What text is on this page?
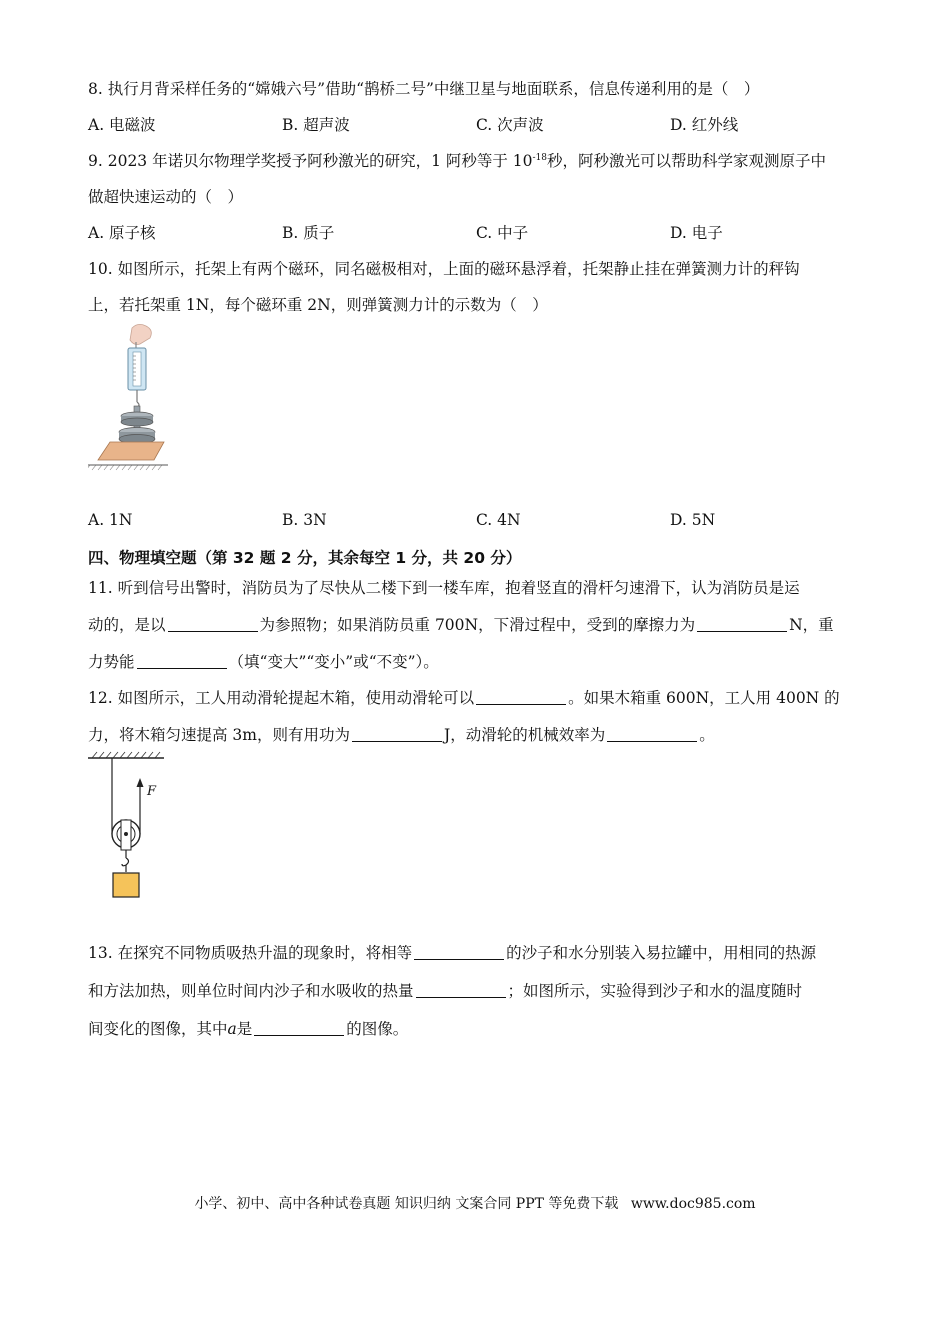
8. 执行月背采样任务的“嫦娥六号”借助“鹊桥二号”中继卫星与地面联系，信息传递利用的是（　）
A. 电磁波	B. 超声波	C. 次声波	D. 红外线
9. 2023 年诺贝尔物理学奖授予阿秒激光的研究，1 阿秒等于 $10^{-18}$秒，阿秒激光可以帮助科学家观测原子中
做超快速运动的（　）
A. 原子核	B. 质子	C. 中子	D. 电子
10. 如图所示，托架上有两个磁环，同名磁极相对，上面的磁环悬浮着，托架静止挂在弹簧测力计的秤钩
上，若托架重 1N，每个磁环重 2N，则弹簧测力计的示数为（　）
A. 1N	B. 3N	C. 4N	D. 5N
四、物理填空题（第 32 题 2 分，其余每空 1 分，共 20 分）
11. 听到信号出警时，消防员为了尽快从二楼下到一楼车库，抱着竖直的滑杆匀速滑下，认为消防员是运
动的，是以	为参照物；如果消防员重 700N，下滑过程中，受到的摩擦力为	N，重
力势能	（填“变大”“变小”或“不变”）。
12. 如图所示，工人用动滑轮提起木箱，使用动滑轮可以	。如果木箱重 600N，工人用 400N 的
力，将木箱匀速提高 3m，则有用功为	J，动滑轮的机械效率为	。
F
13. 在探究不同物质吸热升温的现象时，将相等	的沙子和水分别装入易拉罐中，用相同的热源
和方法加热，则单位时间内沙子和水吸收的热量	；如图所示，实验得到沙子和水的温度随时
间变化的图像，其中a是	的图像。
小学、初中、高中各种试卷真题 知识归纳 文案合同 PPT 等免费下载 www.doc985.com
